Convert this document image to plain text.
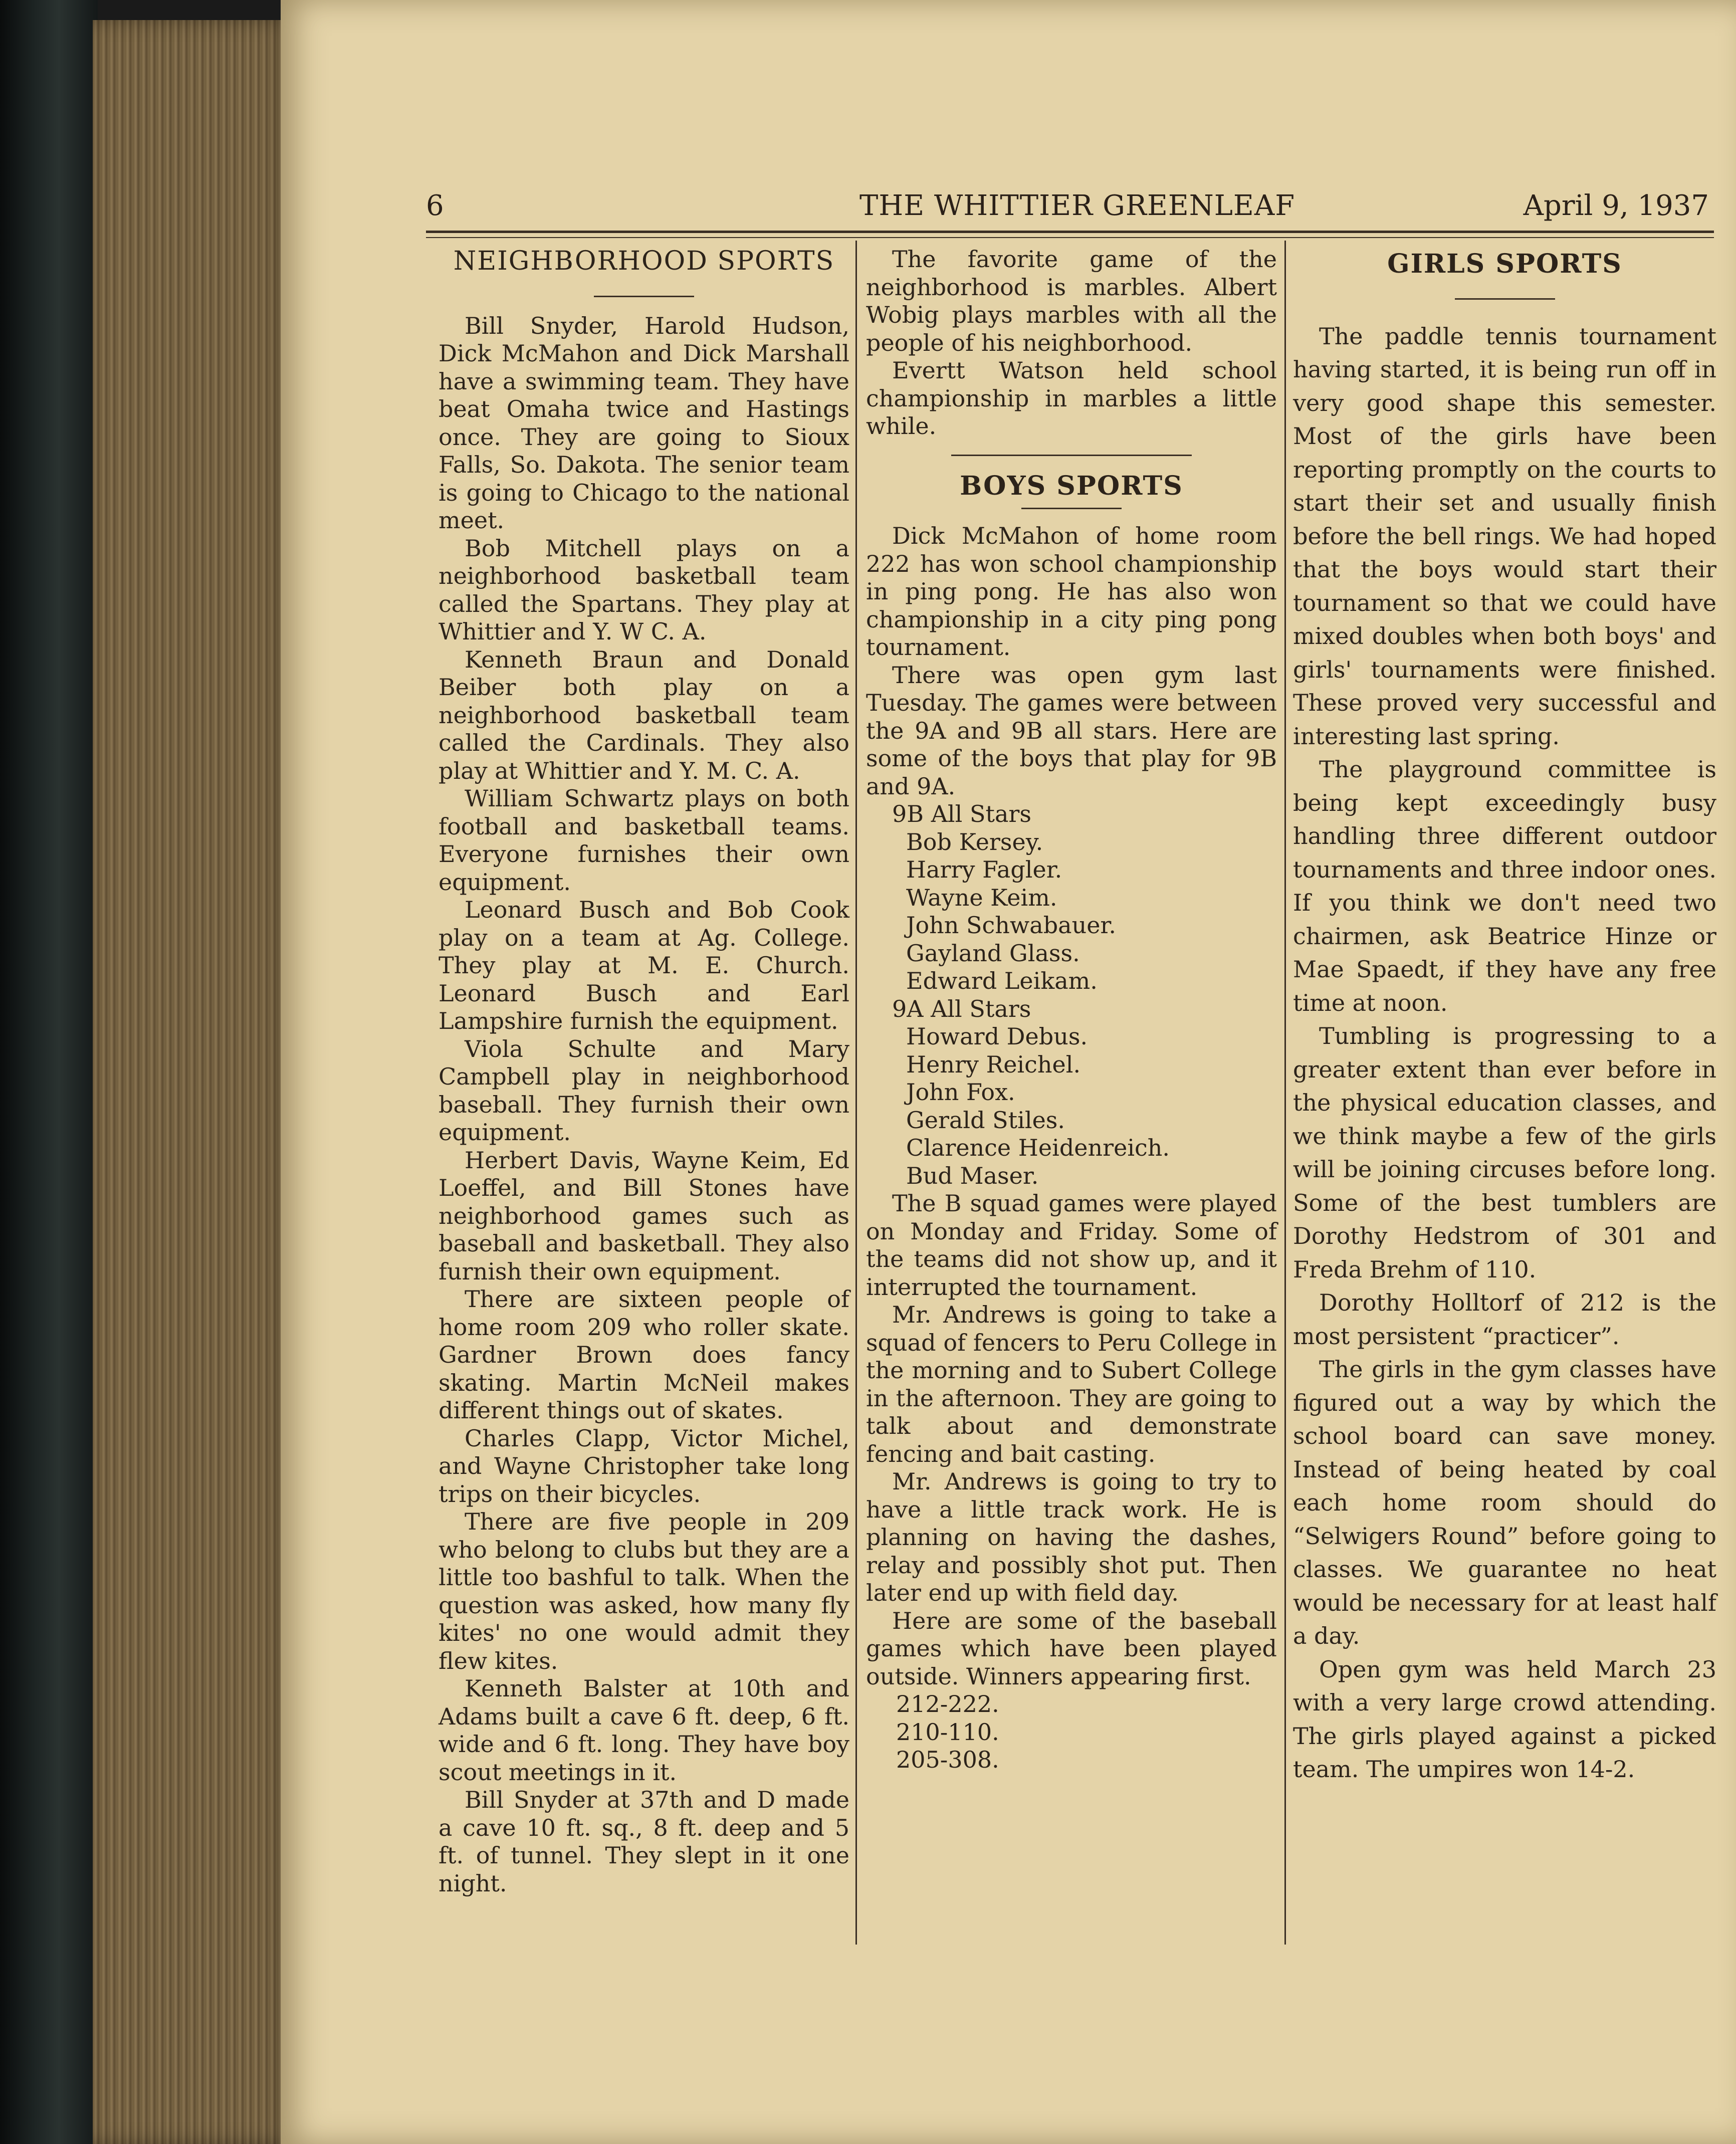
6	THE WHITTIER GREENLEAF	April 9, 1937
NEIGHBORHOOD SPORTS

Bill Snyder, Harold Hudson, Dick McMahon and Dick Marshall have a swimming team. They have beat Omaha twice and Hastings once. They are going to Sioux Falls, So. Dakota. The senior team is going to Chicago to the national meet.

Bob Mitchell plays on a neighborhood basketball team called the Spartans. They play at Whittier and Y. W C. A.

Kenneth Braun and Donald Beiber both play on a neighborhood basketball team called the Cardinals. They also play at Whittier and Y. M. C. A.

William Schwartz plays on both football and basketball teams. Everyone furnishes their own equipment.

Leonard Busch and Bob Cook play on a team at Ag. College. They play at M. E. Church. Leonard Busch and Earl Lampshire furnish the equipment.

Viola Schulte and Mary Campbell play in neighborhood baseball. They furnish their own equipment.

Herbert Davis, Wayne Keim, Ed Loeffel, and Bill Stones have neighborhood games such as baseball and basketball. They also furnish their own equipment.

There are sixteen people of home room 209 who roller skate. Gardner Brown does fancy skating. Martin McNeil makes different things out of skates.

Charles Clapp, Victor Michel, and Wayne Christopher take long trips on their bicycles.

There are five people in 209 who belong to clubs but they are a little too bashful to talk. When the question was asked, how many fly kites' no one would admit they flew kites.

Kenneth Balster at 10th and Adams built a cave 6 ft. deep, 6 ft. wide and 6 ft. long. They have boy scout meetings in it.

Bill Snyder at 37th and D made a cave 10 ft. sq., 8 ft. deep and 5 ft. of tunnel. They slept in it one night.

The favorite game of the neighborhood is marbles. Albert Wobig plays marbles with all the people of his neighborhood.

Evertt Watson held school championship in marbles a little while.

BOYS SPORTS

Dick McMahon of home room 222 has won school championship in ping pong. He has also won championship in a city ping pong tournament.

There was open gym last Tuesday. The games were between the 9A and 9B all stars. Here are some of the boys that play for 9B and 9A.

9B All Stars

Bob Kersey.
Harry Fagler.
Wayne Keim.
John Schwabauer.
Gayland Glass.
Edward Leikam.

9A All Stars

Howard Debus.
Henry Reichel.
John Fox.
Gerald Stiles.
Clarence Heidenreich.
Bud Maser.

The B squad games were played on Monday and Friday. Some of the teams did not show up, and it interrupted the tournament.

Mr. Andrews is going to take a squad of fencers to Peru College in the morning and to Subert College in the afternoon. They are going to talk about and demonstrate fencing and bait casting.

Mr. Andrews is going to try to have a little track work. He is planning on having the dashes, relay and possibly shot put. Then later end up with field day.

Here are some of the baseball games which have been played outside. Winners appearing first.

212-222.
210-110.
205-308.
GIRLS SPORTS

The paddle tennis tournament having started, it is being run off in very good shape this semester. Most of the girls have been reporting promptly on the courts to start their set and usually finish before the bell rings. We had hoped that the boys would start their tournament so that we could have mixed doubles when both boys' and girls' tournaments were finished. These proved very successful and interesting last spring.

The playground committee is being kept exceedingly busy handling three different outdoor tournaments and three indoor ones. If you think we don't need two chairmen, ask Beatrice Hinze or Mae Spaedt, if they have any free time at noon.

Tumbling is progressing to a greater extent than ever before in the physical education classes, and we think maybe a few of the girls will be joining circuses before long. Some of the best tumblers are Dorothy Hedstrom of 301 and Freda Brehm of 110.

Dorothy Holltorf of 212 is the most persistent “practicer”.

The girls in the gym classes have figured out a way by which the school board can save money. Instead of being heated by coal each home room should do “Selwigers Round” before going to classes. We guarantee no heat would be necessary for at least half a day.

Open gym was held March 23 with a very large crowd attending. The girls played against a picked team. The umpires won 14-2.
